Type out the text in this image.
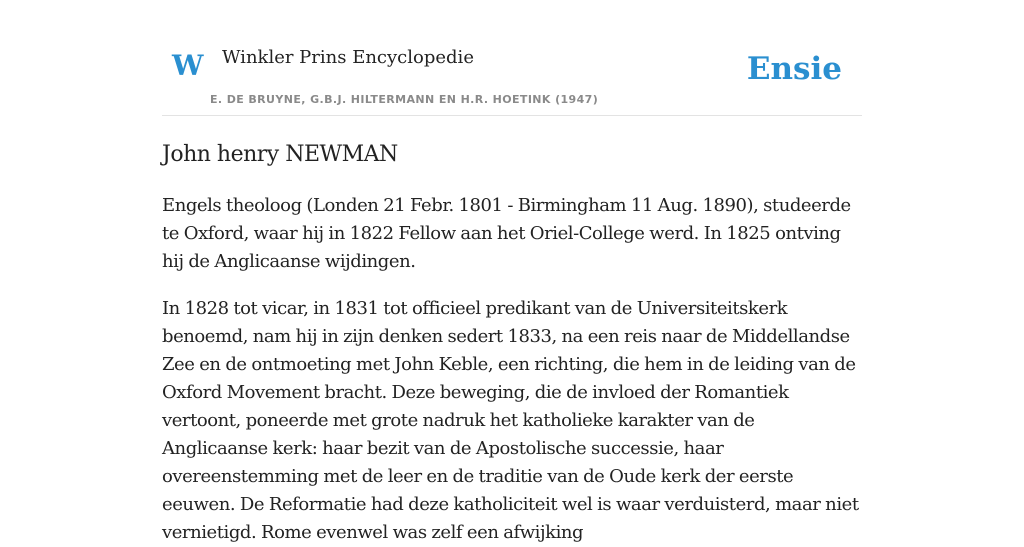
W Winkler Prins Encyclopedie
E. DE BRUYNE, G.B.J. HILTERMANN EN H.R. HOETINK (1947)
Ensie
John henry NEWMAN

Engels theoloog (Londen 21 Febr. 1801 - Birmingham 11 Aug. 1890), studeerde te Oxford, waar hij in 1822 Fellow aan het Oriel-College werd. In 1825 ontving hij de Anglicaanse wijdingen.

In 1828 tot vicar, in 1831 tot officieel predikant van de Universiteitskerk benoemd, nam hij in zijn denken sedert 1833, na een reis naar de Middellandse Zee en de ontmoeting met John Keble, een richting, die hem in de leiding van de Oxford Movement bracht. Deze beweging, die de invloed der Romantiek vertoont, poneerde met grote nadruk het katholieke karakter van de Anglicaanse kerk: haar bezit van de Apostolische successie, haar overeenstemming met de leer en de traditie van de Oude kerk der eerste eeuwen. De Reformatie had deze katholiciteit wel is waar verduisterd, maar niet vernietigd. Rome evenwel was zelf een afwijking
